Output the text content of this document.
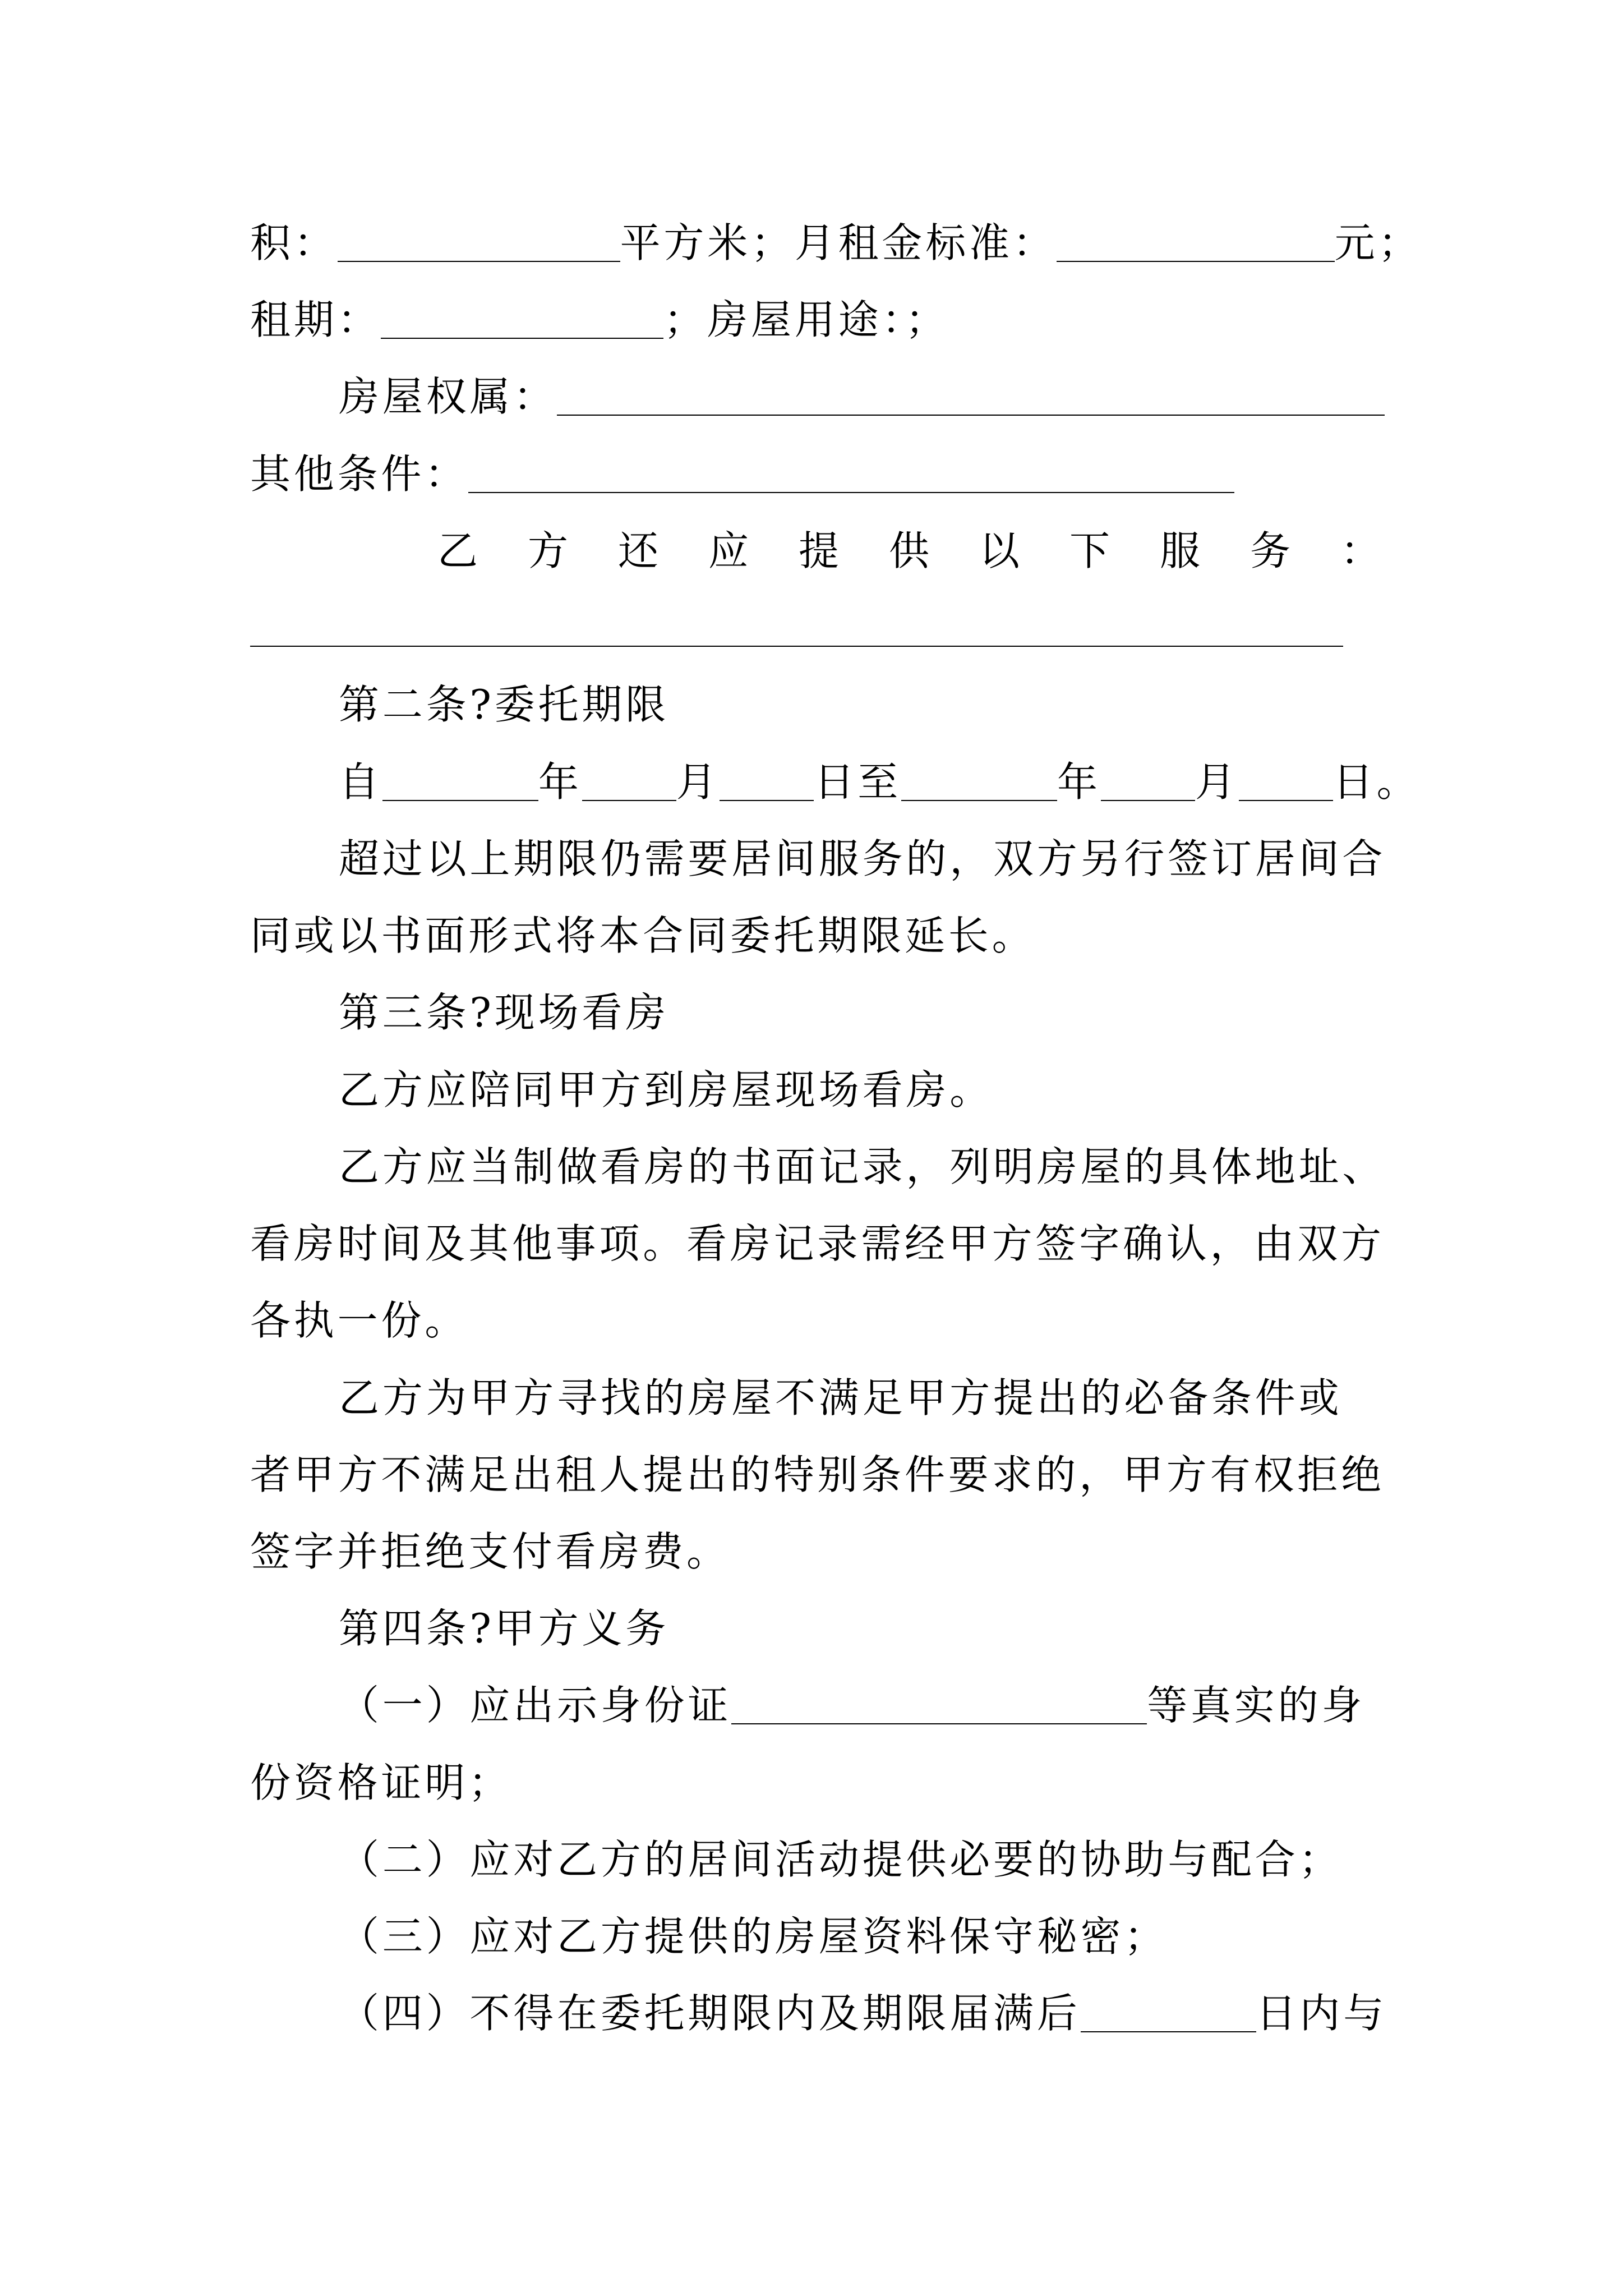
积：	平方米；月租金标准：	元；
租期：	；房屋用途：；
房屋权属：
其他条件：
乙方还应提供以下服务：
第二条?委托期限
自	年 月 日至	年 月 日。
超过以上期限仍需要居间服务的，双方另行签订居间合
同或以书面形式将本合同委托期限延长。
第三条?现场看房
乙方应陪同甲方到房屋现场看房。
乙方应当制做看房的书面记录，列明房屋的具体地址、
看房时间及其他事项。看房记录需经甲方签字确认，由双方
各执一份。
乙方为甲方寻找的房屋不满足甲方提出的必备条件或
者甲方不满足出租人提出的特别条件要求的，甲方有权拒绝
签字并拒绝支付看房费。
第四条?甲方义务
（一）应出示身份证	等真实的身
份资格证明；
（二）应对乙方的居间活动提供必要的协助与配合；
（三）应对乙方提供的房屋资料保守秘密；
（四）不得在委托期限内及期限届满后	日内与
